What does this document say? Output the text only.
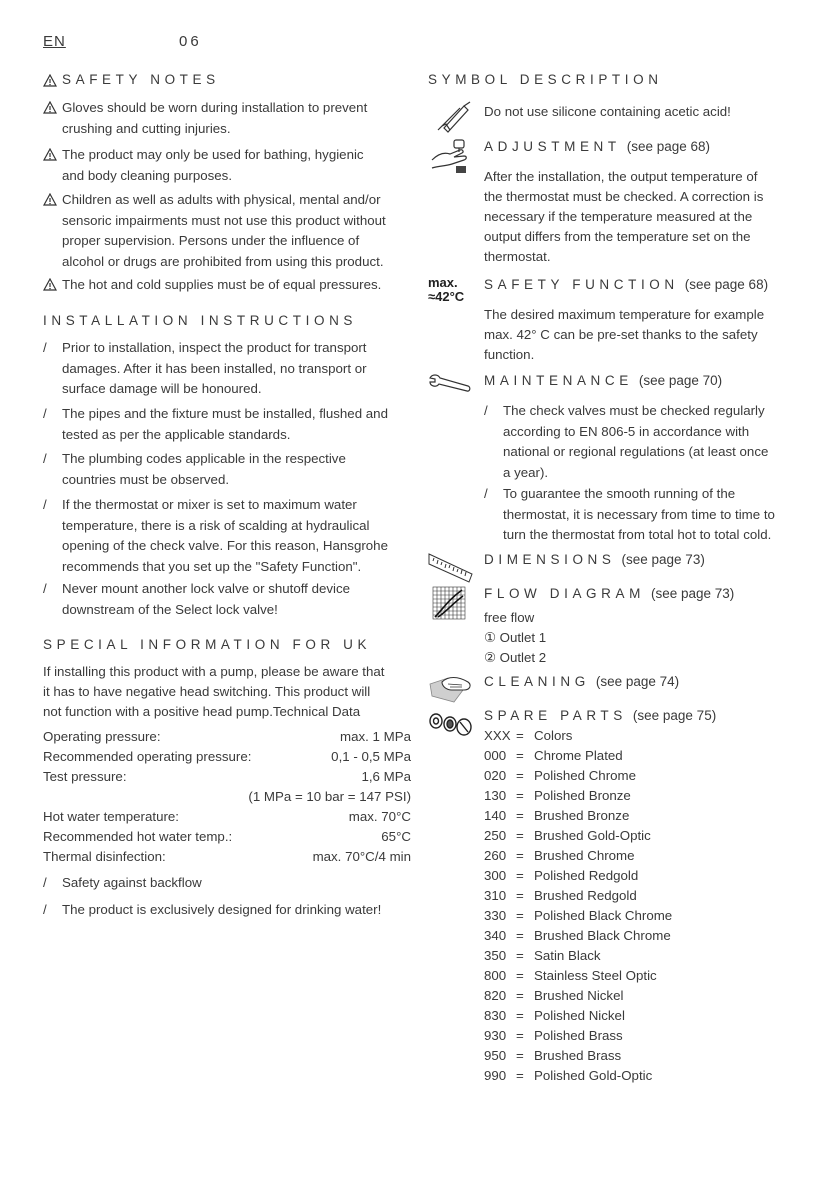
EN	06
SAFETY NOTES
Gloves should be worn during installation to prevent
crushing and cutting injuries.
The product may only be used for bathing, hygienic
and body cleaning purposes.
Children as well as adults with physical, mental and/or
sensoric impairments must not use this product without
proper supervision. Persons under the influence of
alcohol or drugs are prohibited from using this product.
The hot and cold supplies must be of equal pressures.
INSTALLATION INSTRUCTIONS
/ Prior to installation, inspect the product for transport
damages. After it has been installed, no transport or
surface damage will be honoured.
/ The pipes and the fixture must be installed, flushed and
tested as per the applicable standards.
/ The plumbing codes applicable in the respective
countries must be observed.
/ If the thermostat or mixer is set to maximum water
temperature, there is a risk of scalding at hydraulical
opening of the check valve. For this reason, Hansgrohe
recommends that you set up the "Safety Function".
/ Never mount another lock valve or shutoff device
downstream of the Select lock valve!
SPECIAL INFORMATION FOR UK
If installing this product with a pump, please be aware that
it has to have negative head switching. This product will
not function with a positive head pump.Technical Data
Operating pressure:	max. 1 MPa
Recommended operating pressure:	0,1 - 0,5 MPa
Test pressure:	1,6 MPa
(1 MPa = 10 bar = 147 PSI)
Hot water temperature:	max. 70°C
Recommended hot water temp.:	65°C
Thermal disinfection:	max. 70°C/4 min
/ Safety against backflow
/ The product is exclusively designed for drinking water!
SYMBOL DESCRIPTION
Do not use silicone containing acetic acid!
ADJUSTMENT (see page 68)
After the installation, the output temperature of
the thermostat must be checked. A correction is
necessary if the temperature measured at the
output differs from the temperature set on the
thermostat.
max.
≈42°C
SAFETY FUNCTION (see page 68)
The desired maximum temperature for example
max. 42° C can be pre-set thanks to the safety
function.
MAINTENANCE (see page 70)
/ The check valves must be checked regularly
according to EN 806-5 in accordance with
national or regional regulations (at least once
a year).
/ To guarantee the smooth running of the
thermostat, it is necessary from time to time to
turn the thermostat from total hot to total cold.
DIMENSIONS (see page 73)
FLOW DIAGRAM (see page 73)
free flow
① Outlet 1
② Outlet 2
CLEANING (see page 74)
SPARE PARTS (see page 75)
XXX = Colors
000 = Chrome Plated
020 = Polished Chrome
130 = Polished Bronze
140 = Brushed Bronze
250 = Brushed Gold-Optic
260 = Brushed Chrome
300 = Polished Redgold
310 = Brushed Redgold
330 = Polished Black Chrome
340 = Brushed Black Chrome
350 = Satin Black
800 = Stainless Steel Optic
820 = Brushed Nickel
830 = Polished Nickel
930 = Polished Brass
950 = Brushed Brass
990 = Polished Gold-Optic
